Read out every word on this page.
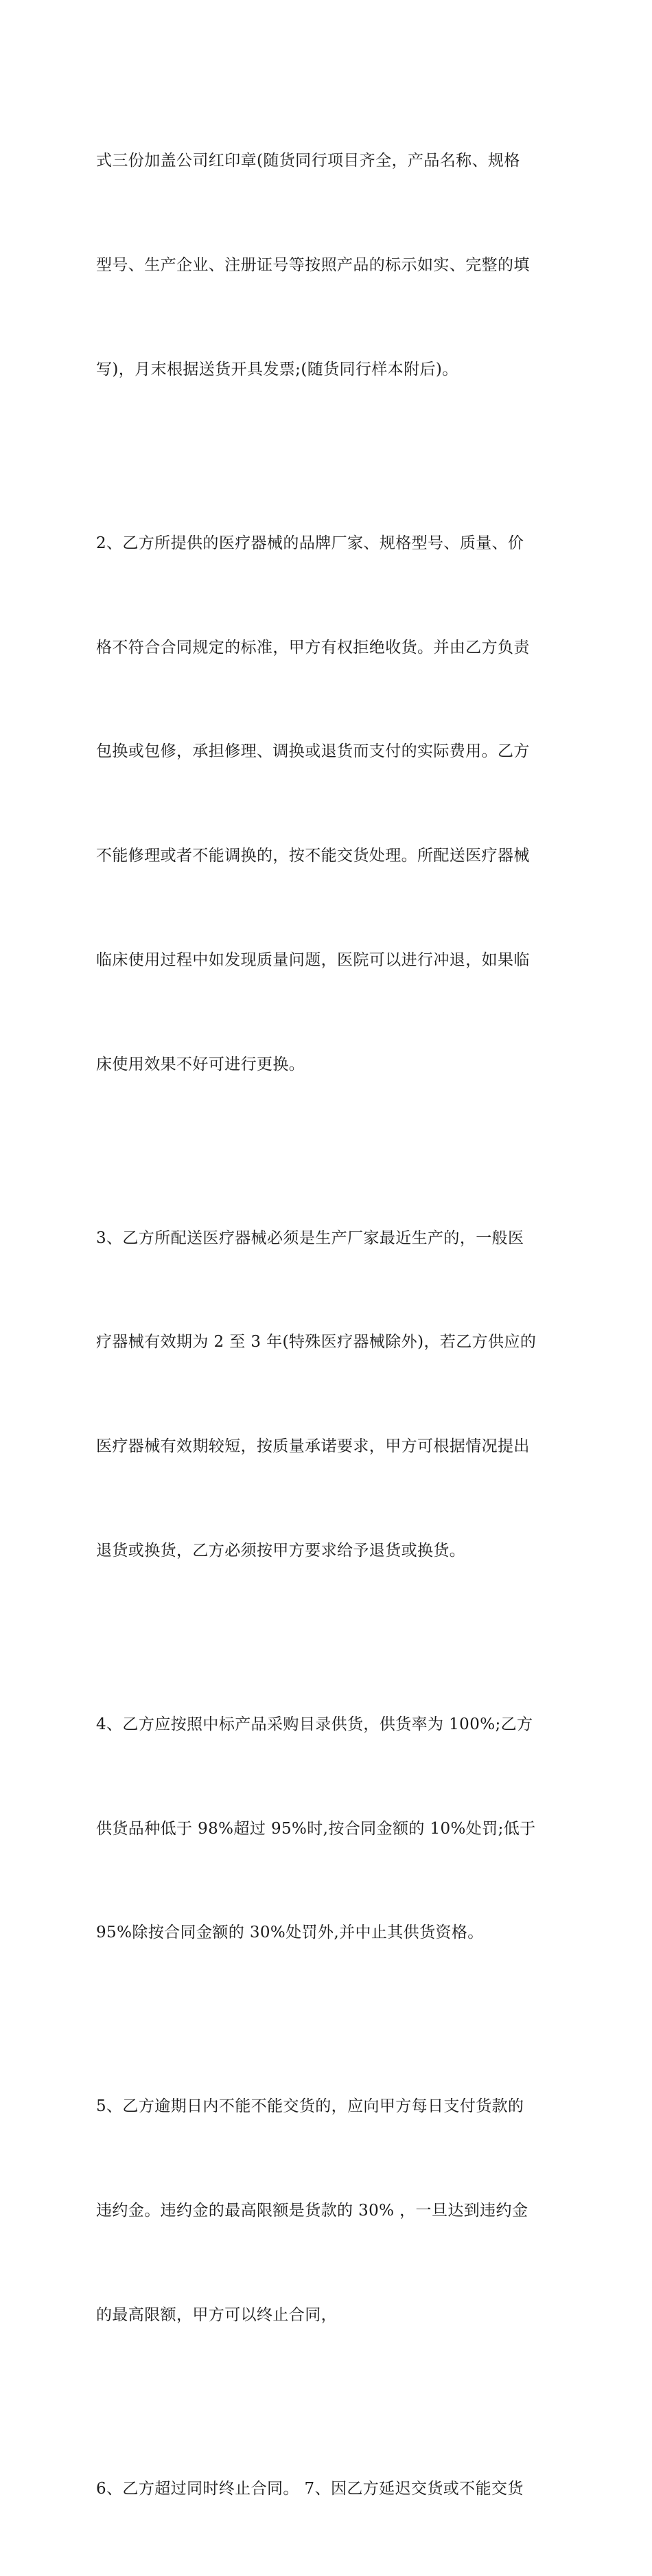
式三份加盖公司红印章(随货同行项目齐全，产品名称、规格

型号、生产企业、注册证号等按照产品的标示如实、完整的填

写)，月末根据送货开具发票;(随货同行样本附后)。

2、乙方所提供的医疗器械的品牌厂家、规格型号、质量、价

格不符合合同规定的标准，甲方有权拒绝收货。并由乙方负责

包换或包修，承担修理、调换或退货而支付的实际费用。乙方

不能修理或者不能调换的，按不能交货处理。所配送医疗器械

临床使用过程中如发现质量问题，医院可以进行冲退，如果临

床使用效果不好可进行更换。

3、乙方所配送医疗器械必须是生产厂家最近生产的，一般医

疗器械有效期为 2 至 3 年(特殊医疗器械除外)，若乙方供应的

医疗器械有效期较短，按质量承诺要求，甲方可根据情况提出

退货或换货，乙方必须按甲方要求给予退货或换货。

4、乙方应按照中标产品采购目录供货，供货率为 100%;乙方

供货品种低于 98%超过 95%时,按合同金额的 10%处罚;低于

95%除按合同金额的 30%处罚外,并中止其供货资格。

5、乙方逾期日内不能不能交货的，应向甲方每日支付货款的

违约金。违约金的最高限额是货款的 30% ，一旦达到违约金

的最高限额，甲方可以终止合同，

6、乙方超过同时终止合同。 7、因乙方延迟交货或不能交货
